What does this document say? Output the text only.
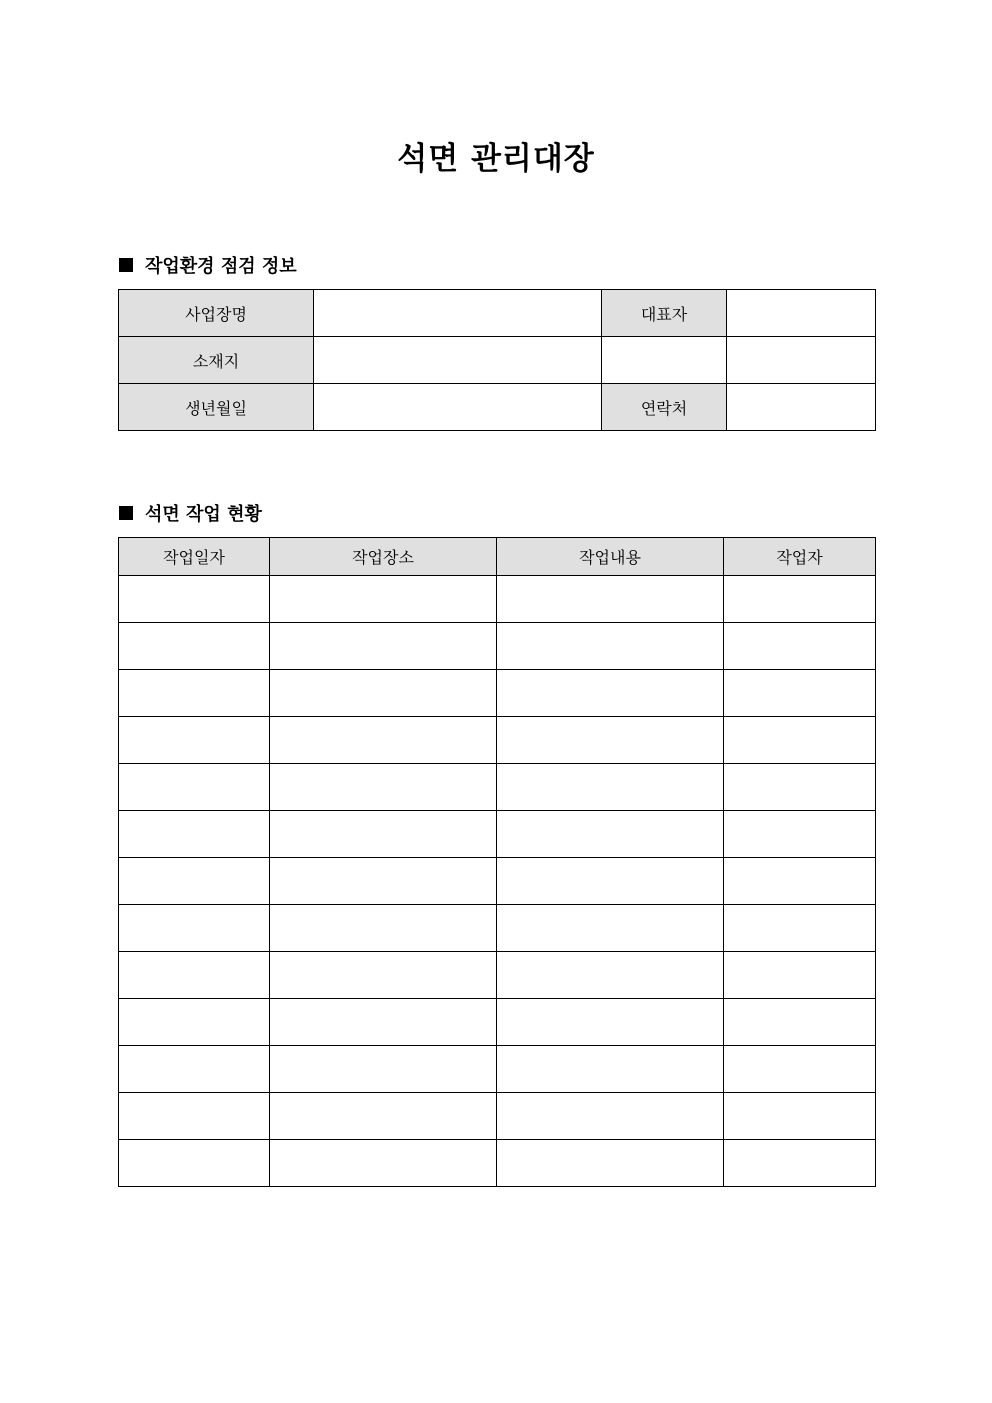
석면 관리대장
작업환경 점검 정보
사업장명		대표자	
소재지			
생년월일		연락처	
석면 작업 현황
작업일자	작업장소	작업내용	작업자
